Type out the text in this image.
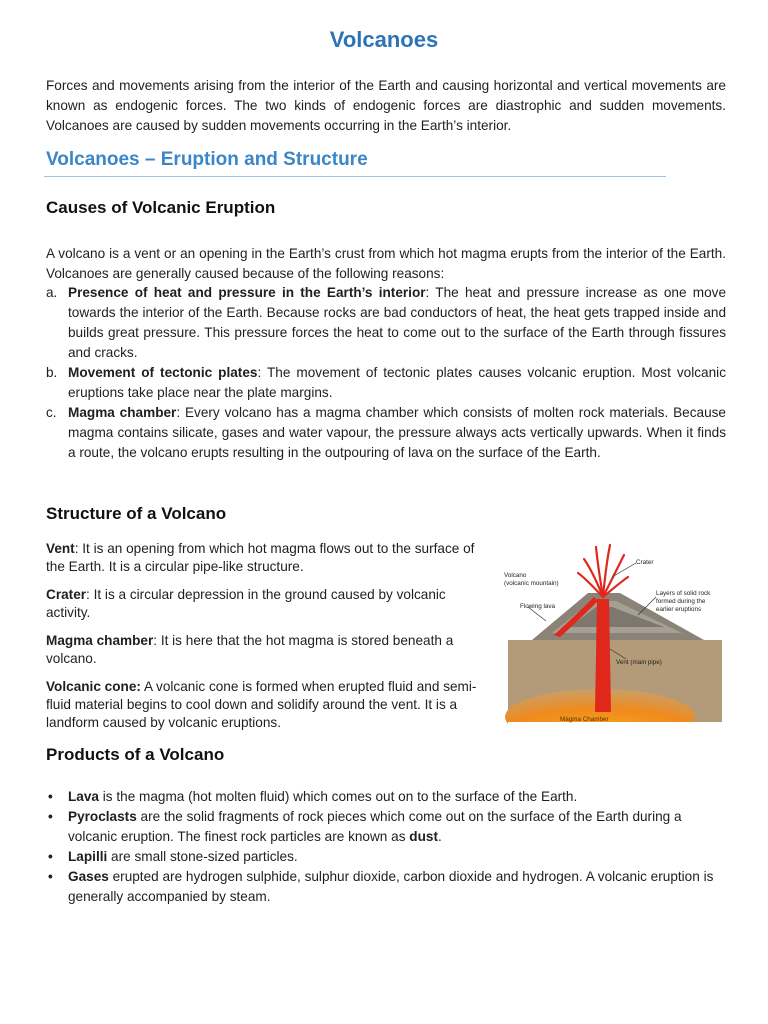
Volcanoes

Forces and movements arising from the interior of the Earth and causing horizontal and vertical movements are known as endogenic forces. The two kinds of endogenic forces are diastrophic and sudden movements. Volcanoes are caused by sudden movements occurring in the Earth’s interior.

Volcanoes – Eruption and Structure
Causes of Volcanic Eruption

A volcano is a vent or an opening in the Earth’s crust from which hot magma erupts from the interior of the Earth. Volcanoes are generally caused because of the following reasons:

a. Presence of heat and pressure in the Earth’s interior: The heat and pressure increase as one move towards the interior of the Earth. Because rocks are bad conductors of heat, the heat gets trapped inside and builds great pressure. This pressure forces the heat to come out to the surface of the Earth through fissures and cracks.
b. Movement of tectonic plates: The movement of tectonic plates causes volcanic eruption. Most volcanic eruptions take place near the plate margins.
c. Magma chamber: Every volcano has a magma chamber which consists of molten rock materials. Because magma contains silicate, gases and water vapour, the pressure always acts vertically upwards. When it finds a route, the volcano erupts resulting in the outpouring of lava on the surface of the Earth.
Structure of a Volcano

Vent: It is an opening from which hot magma flows out to the surface of the Earth. It is a circular pipe-like structure.

Crater: It is a circular depression in the ground caused by volcanic activity.

Magma chamber: It is here that the hot magma is stored beneath a volcano.

Volcanic cone: A volcanic cone is formed when erupted fluid and semi-fluid material begins to cool down and solidify around the vent. It is a landform caused by volcanic eruptions.

Crater
Volcano
(volcanic mountain)
Layers of solid rock
formed during the
earlier eruptions
Flowing lava
Vent (main pipe)
Magma Chamber
Products of a Volcano
• Lava is the magma (hot molten fluid) which comes out on to the surface of the Earth.
• Pyroclasts are the solid fragments of rock pieces which come out on the surface of the Earth during a volcanic eruption. The finest rock particles are known as dust.
• Lapilli are small stone-sized particles.
• Gases erupted are hydrogen sulphide, sulphur dioxide, carbon dioxide and hydrogen. A volcanic eruption is generally accompanied by steam.
